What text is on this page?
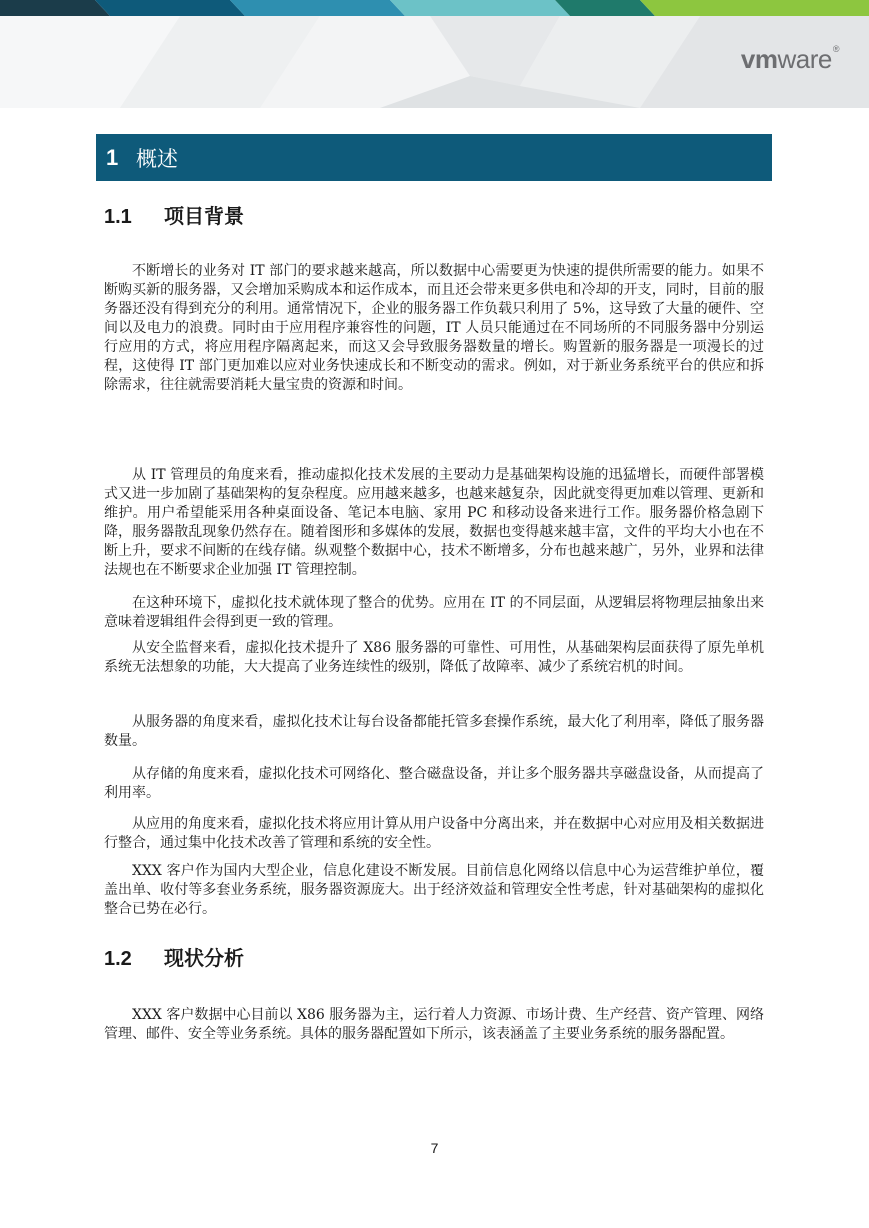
vmware®
1 概述
1.1	项目背景

不断增长的业务对 IT 部门的要求越来越高，所以数据中心需要更为快速的提供所需要的能力。如果不断购买新的服务器，又会增加采购成本和运作成本，而且还会带来更多供电和冷却的开支，同时，目前的服务器还没有得到充分的利用。通常情况下，企业的服务器工作负载只利用了 5%，这导致了大量的硬件、空间以及电力的浪费。同时由于应用程序兼容性的问题，IT 人员只能通过在不同场所的不同服务器中分别运行应用的方式，将应用程序隔离起来，而这又会导致服务器数量的增长。购置新的服务器是一项漫长的过程，这使得 IT 部门更加难以应对业务快速成长和不断变动的需求。例如，对于新业务系统平台的供应和拆除需求，往往就需要消耗大量宝贵的资源和时间。

从 IT 管理员的角度来看，推动虚拟化技术发展的主要动力是基础架构设施的迅猛增长，而硬件部署模式又进一步加剧了基础架构的复杂程度。应用越来越多，也越来越复杂，因此就变得更加难以管理、更新和维护。用户希望能采用各种桌面设备、笔记本电脑、家用 PC 和移动设备来进行工作。服务器价格急剧下降，服务器散乱现象仍然存在。随着图形和多媒体的发展，数据也变得越来越丰富，文件的平均大小也在不断上升，要求不间断的在线存储。纵观整个数据中心，技术不断增多，分布也越来越广，另外，业界和法律法规也在不断要求企业加强 IT 管理控制。

在这种环境下，虚拟化技术就体现了整合的优势。应用在 IT 的不同层面，从逻辑层将物理层抽象出来意味着逻辑组件会得到更一致的管理。

从安全监督来看，虚拟化技术提升了 X86 服务器的可靠性、可用性，从基础架构层面获得了原先单机系统无法想象的功能，大大提高了业务连续性的级别，降低了故障率、减少了系统宕机的时间。

从服务器的角度来看，虚拟化技术让每台设备都能托管多套操作系统，最大化了利用率，降低了服务器数量。

从存储的角度来看，虚拟化技术可网络化、整合磁盘设备，并让多个服务器共享磁盘设备，从而提高了利用率。

从应用的角度来看，虚拟化技术将应用计算从用户设备中分离出来，并在数据中心对应用及相关数据进行整合，通过集中化技术改善了管理和系统的安全性。

XXX 客户作为国内大型企业，信息化建设不断发展。目前信息化网络以信息中心为运营维护单位，覆盖出单、收付等多套业务系统，服务器资源庞大。出于经济效益和管理安全性考虑，针对基础架构的虚拟化整合已势在必行。

1.2	现状分析

XXX 客户数据中心目前以 X86 服务器为主，运行着人力资源、市场计费、生产经营、资产管理、网络管理、邮件、安全等业务系统。具体的服务器配置如下所示，该表涵盖了主要业务系统的服务器配置。

7
